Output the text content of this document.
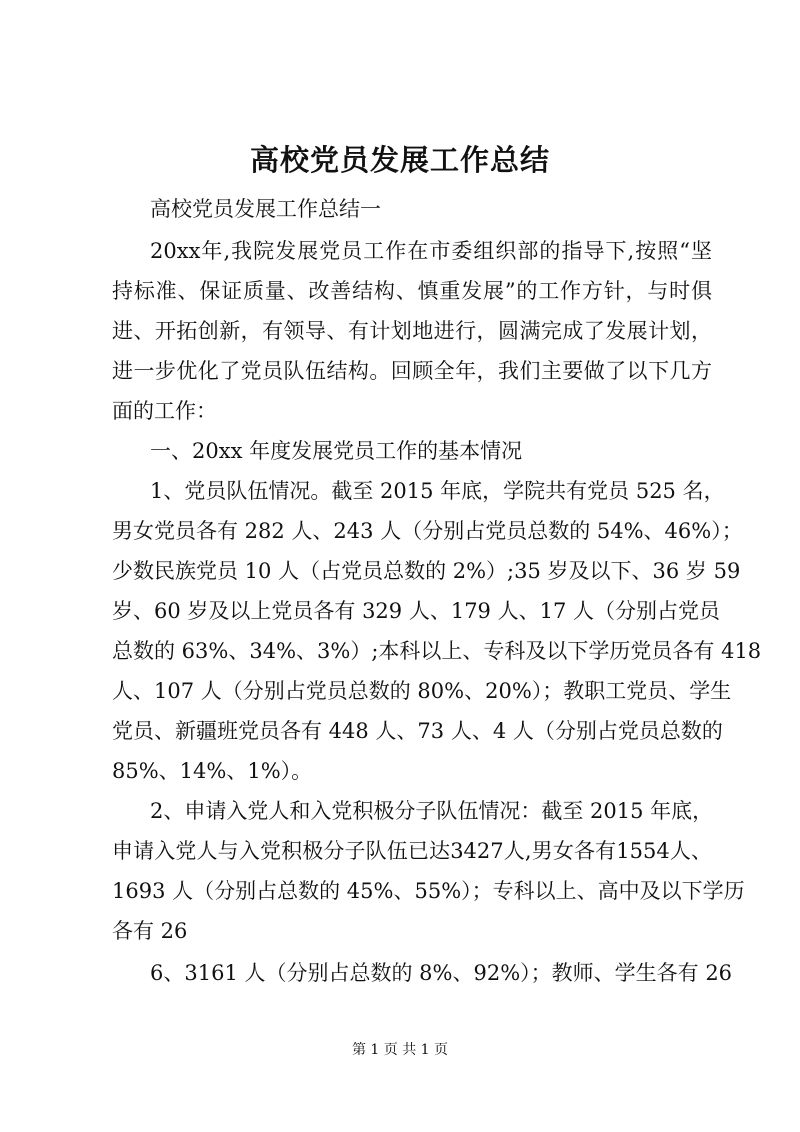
高校党员发展工作总结

高校党员发展工作总结一

20xx年,我院发展党员工作在市委组织部的指导下,按照“坚

持标准、保证质量、改善结构、慎重发展”的工作方针，与时俱

进、开拓创新，有领导、有计划地进行，圆满完成了发展计划，

进一步优化了党员队伍结构。回顾全年，我们主要做了以下几方

面的工作：

一、20xx 年度发展党员工作的基本情况

1、党员队伍情况。截至 2015 年底，学院共有党员 525 名，

男女党员各有 282 人、243 人（分别占党员总数的 54%、46%）；

少数民族党员 10 人（占党员总数的 2%）;35 岁及以下、36 岁 59

岁、60 岁及以上党员各有 329 人、179 人、17 人（分别占党员

总数的 63%、34%、3%）;本科以上、专科及以下学历党员各有 418

人、107 人（分别占党员总数的 80%、20%）；教职工党员、学生

党员、新疆班党员各有 448 人、73 人、4 人（分别占党员总数的

85%、14%、1%）。

2、申请入党人和入党积极分子队伍情况：截至 2015 年底，

申请入党人与入党积极分子队伍已达3427人,男女各有1554人、

1693 人（分别占总数的 45%、55%）；专科以上、高中及以下学历

各有 26

6、3161 人（分别占总数的 8%、92%）；教师、学生各有 26

第 1 页 共 1 页
